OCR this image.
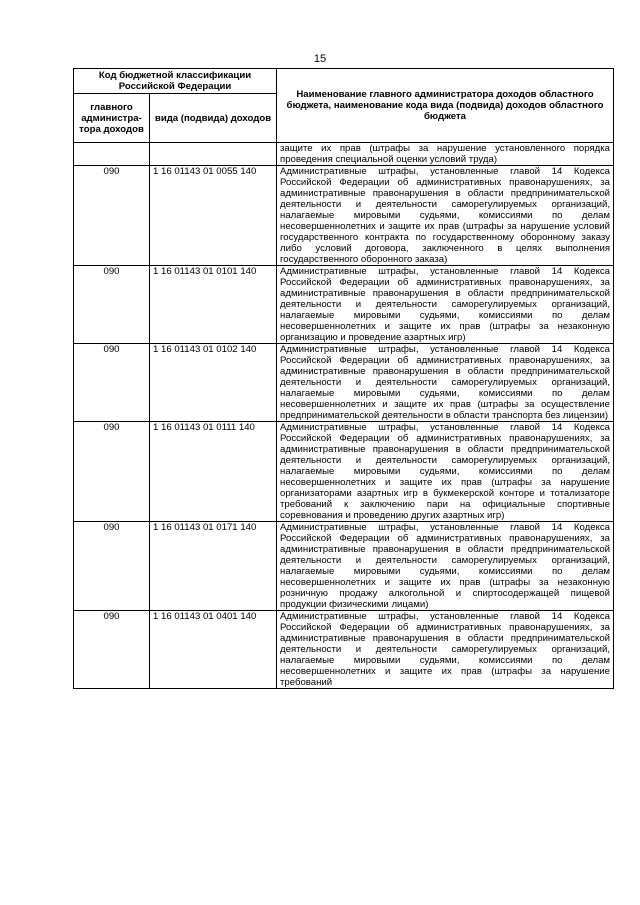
15
Код бюджетной классификации Российской Федерации		Наименование главного администратора доходов областного бюджета, наименование кода вида (подвида) доходов областного бюджета
главного администра-тора доходов	вида (подвида) доходов	
		защите их прав (штрафы за нарушение установленного порядка проведения специальной оценки условий труда)
090	1 16 01143 01 0055 140	Административные штрафы, установленные главой 14 Кодекса Российской Федерации об административных правонарушениях, за административные правонарушения в области предпринимательской деятельности и деятельности саморегулируемых организаций, налагаемые мировыми судьями, комиссиями по делам несовершеннолетних и защите их прав (штрафы за нарушение условий государственного контракта по государственному оборонному заказу либо условий договора, заключенного в целях выполнения государственного оборонного заказа)
090	1 16 01143 01 0101 140	Административные штрафы, установленные главой 14 Кодекса Российской Федерации об административных правонарушениях, за административные правонарушения в области предпринимательской деятельности и деятельности саморегулируемых организаций, налагаемые мировыми судьями, комиссиями по делам несовершеннолетних и защите их прав (штрафы за незаконную организацию и проведение азартных игр)
090	1 16 01143 01 0102 140	Административные штрафы, установленные главой 14 Кодекса Российской Федерации об административных правонарушениях, за административные правонарушения в области предпринимательской деятельности и деятельности саморегулируемых организаций, налагаемые мировыми судьями, комиссиями по делам несовершеннолетних и защите их прав (штрафы за осуществление предпринимательской деятельности в области транспорта без лицензии)
090	1 16 01143 01 0111 140	Административные штрафы, установленные главой 14 Кодекса Российской Федерации об административных правонарушениях, за административные правонарушения в области предпринимательской деятельности и деятельности саморегулируемых организаций, налагаемые мировыми судьями, комиссиями по делам несовершеннолетних и защите их прав (штрафы за нарушение организаторами азартных игр в букмекерской конторе и тотализаторе требований к заключению пари на официальные спортивные соревнования и проведению других азартных игр)
090	1 16 01143 01 0171 140	Административные штрафы, установленные главой 14 Кодекса Российской Федерации об административных правонарушениях, за административные правонарушения в области предпринимательской деятельности и деятельности саморегулируемых организаций, налагаемые мировыми судьями, комиссиями по делам несовершеннолетних и защите их прав (штрафы за незаконную розничную продажу алкогольной и спиртосодержащей пищевой продукции физическими лицами)
090	1 16 01143 01 0401 140	Административные штрафы, установленные главой 14 Кодекса Российской Федерации об административных правонарушениях, за административные правонарушения в области предпринимательской деятельности и деятельности саморегулируемых организаций, налагаемые мировыми судьями, комиссиями по делам несовершеннолетних и защите их прав (штрафы за нарушение требований
